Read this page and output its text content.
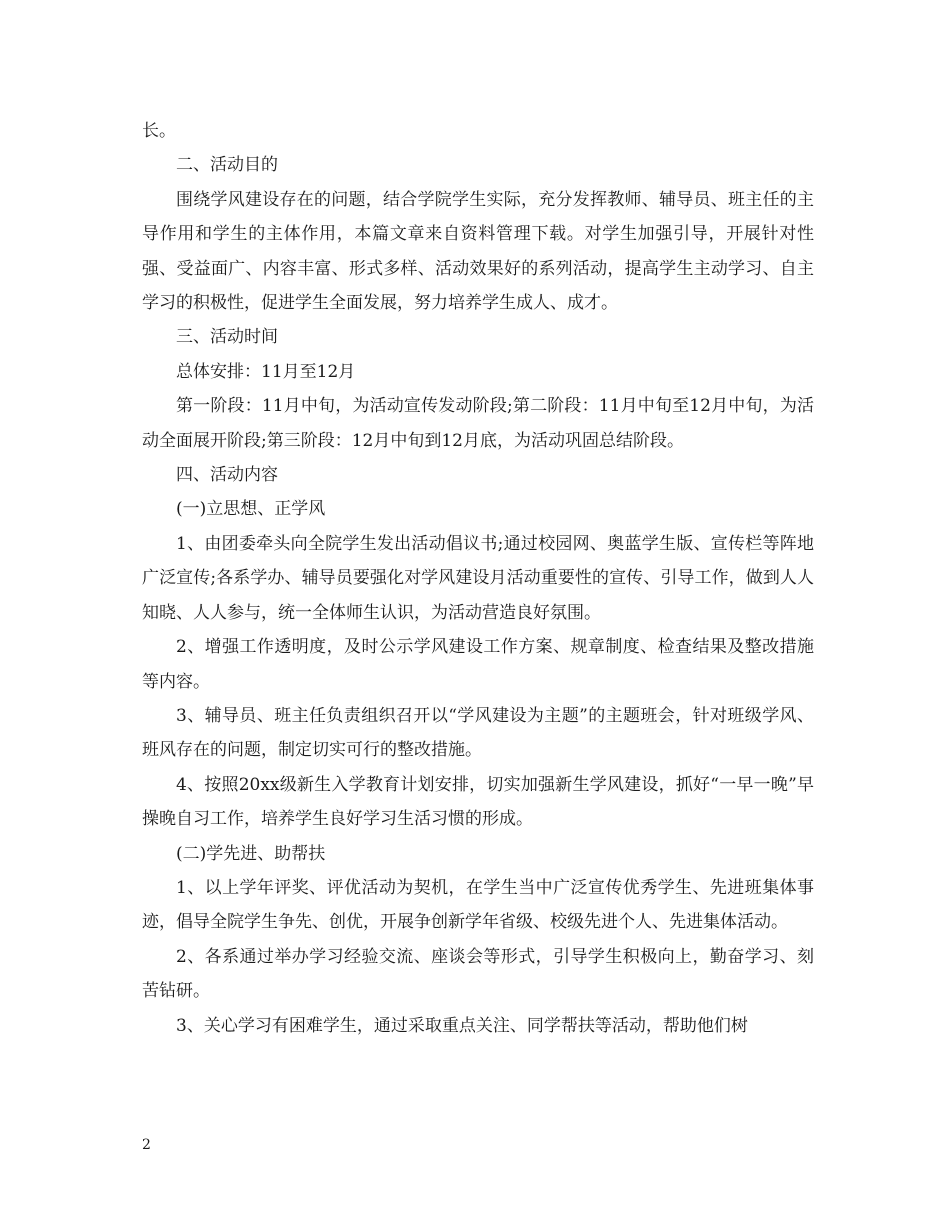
长。

二、活动目的

围绕学风建设存在的问题，结合学院学生实际，充分发挥教师、辅导员、班主任的主导作用和学生的主体作用，本篇文章来自资料管理下载。对学生加强引导，开展针对性强、受益面广、内容丰富、形式多样、活动效果好的系列活动，提高学生主动学习、自主学习的积极性，促进学生全面发展，努力培养学生成人、成才。

三、活动时间

总体安排：11月至12月

第一阶段：11月中旬，为活动宣传发动阶段;第二阶段：11月中旬至12月中旬，为活动全面展开阶段;第三阶段：12月中旬到12月底，为活动巩固总结阶段。

四、活动内容

(一)立思想、正学风

1、由团委牵头向全院学生发出活动倡议书;通过校园网、奥蓝学生版、宣传栏等阵地广泛宣传;各系学办、辅导员要强化对学风建设月活动重要性的宣传、引导工作，做到人人知晓、人人参与，统一全体师生认识，为活动营造良好氛围。

2、增强工作透明度，及时公示学风建设工作方案、规章制度、检查结果及整改措施等内容。

3、辅导员、班主任负责组织召开以“学风建设为主题”的主题班会，针对班级学风、班风存在的问题，制定切实可行的整改措施。

4、按照20xx级新生入学教育计划安排，切实加强新生学风建设，抓好“一早一晚”早操晚自习工作，培养学生良好学习生活习惯的形成。

(二)学先进、助帮扶

1、以上学年评奖、评优活动为契机，在学生当中广泛宣传优秀学生、先进班集体事迹，倡导全院学生争先、创优，开展争创新学年省级、校级先进个人、先进集体活动。

2、各系通过举办学习经验交流、座谈会等形式，引导学生积极向上，勤奋学习、刻苦钻研。

3、关心学习有困难学生，通过采取重点关注、同学帮扶等活动，帮助他们树

2
